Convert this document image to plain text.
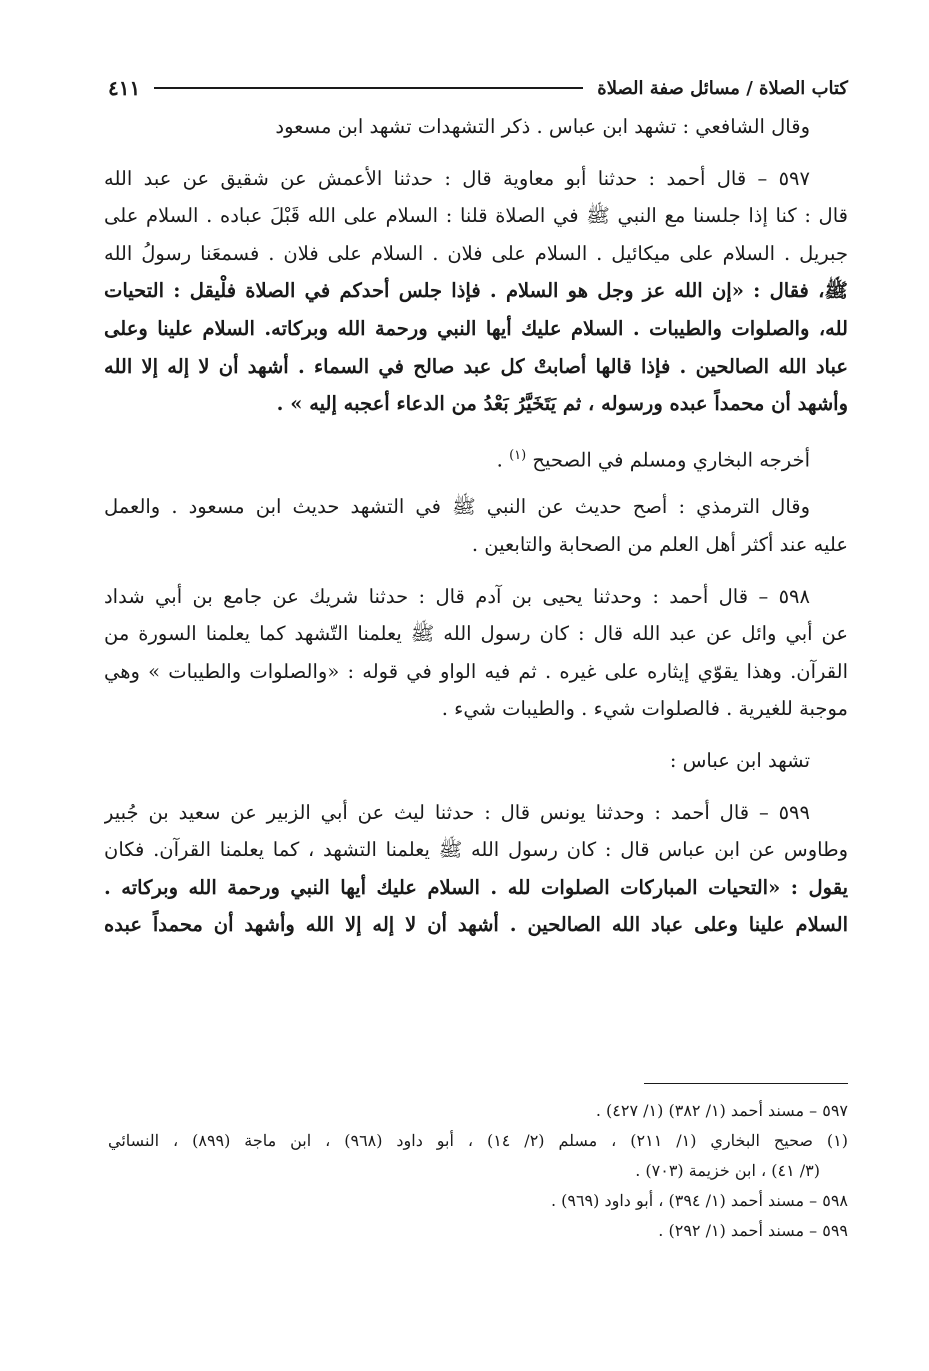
كتاب الصلاة / مسائل صفة الصلاة
٤١١
وقال الشافعي : تشهد ابن عباس . ذكر التشهدات تشهد ابن مسعود
٥٩٧ – قال أحمد : حدثنا أبو معاوية قال : حدثنا الأعمش عن شقيق عن عبد الله
قال : كنا إذا جلسنا مع النبي ﷺ في الصلاة قلنا : السلام على الله قَبْلَ عباده . السلام على
جبريل . السلام على ميكائيل . السلام على فلان . السلام على فلان . فسمعَنا رسولُ الله
ﷺ، فقال : «إن الله عز وجل هو السلام . فإذا جلس أحدكم في الصلاة فلْيقل : التحيات
لله، والصلوات والطيبات . السلام عليك أيها النبي ورحمة الله وبركاته. السلام علينا وعلى
عباد الله الصالحين . فإذا قالها أصابتْ كل عبد صالح في السماء . أشهد أن لا إله إلا الله
وأشهد أن محمداً عبده ورسوله ، ثم يَتَخَيَّرُ بَعْدُ من الدعاء أعجبه إليه » .
أخرجه البخاري ومسلم في الصحيح $^{(١)}$ .
وقال الترمذي : أصح حديث عن النبي ﷺ في التشهد حديث ابن مسعود . والعمل
عليه عند أكثر أهل العلم من الصحابة والتابعين .
٥٩٨ – قال أحمد : وحدثنا يحيى بن آدم قال : حدثنا شريك عن جامع بن أبي شداد
عن أبي وائل عن عبد الله قال : كان رسول الله ﷺ يعلمنا التّشهد كما يعلمنا السورة من
القرآن. وهذا يقوّي إيثاره على غيره . ثم فيه الواو في قوله : «والصلوات والطيبات » وهي
موجبة للغيرية . فالصلوات شيء . والطيبات شيء .
تشهد ابن عباس :
٥٩٩ – قال أحمد : وحدثنا يونس قال : حدثنا ليث عن أبي الزبير عن سعيد بن جُبير
وطاوس عن ابن عباس قال : كان رسول الله ﷺ يعلمنا التشهد ، كما يعلمنا القرآن. فكان
يقول : «التحيات المباركات الصلوات لله . السلام عليك أيها النبي ورحمة الله وبركاته .
السلام علينا وعلى عباد الله الصالحين . أشهد أن لا إله إلا الله وأشهد أن محمداً عبده
٥٩٧ – مسند أحمد (١/ ٣٨٢) (١/ ٤٢٧) .
(١) صحيح البخاري (١/ ٢١١) ، مسلم (٢/ ١٤) ، أبو داود (٩٦٨) ، ابن ماجة (٨٩٩) ، النسائي
(٣/ ٤١) ، ابن خزيمة (٧٠٣) .
٥٩٨ – مسند أحمد (١/ ٣٩٤) ، أبو داود (٩٦٩) .
٥٩٩ – مسند أحمد (١/ ٢٩٢) .
